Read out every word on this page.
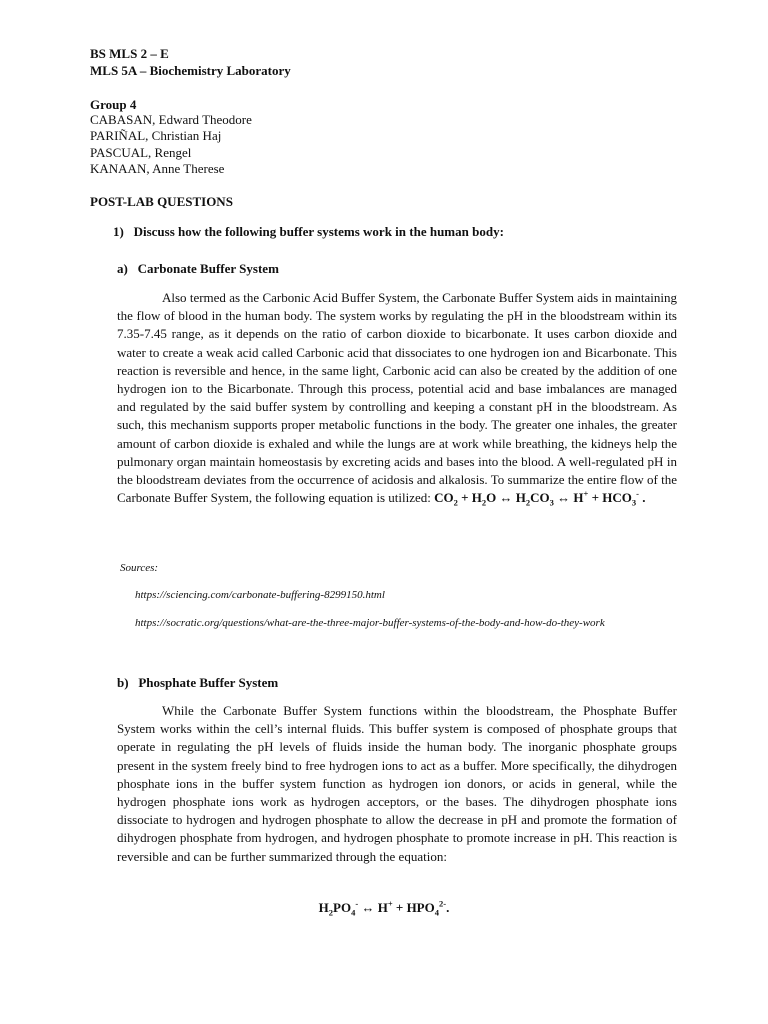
BS MLS 2 – E

MLS 5A – Biochemistry Laboratory

Group 4

CABASAN, Edward Theodore
PARIÑAL, Christian Haj
PASCUAL, Rengel
KANAAN, Anne Therese

POST-LAB QUESTIONS

1) Discuss how the following buffer systems work in the human body:

a) Carbonate Buffer System

Also termed as the Carbonic Acid Buffer System, the Carbonate Buffer System aids in maintaining the flow of blood in the human body. The system works by regulating the pH in the bloodstream within its 7.35-7.45 range, as it depends on the ratio of carbon dioxide to bicarbonate. It uses carbon dioxide and water to create a weak acid called Carbonic acid that dissociates to one hydrogen ion and Bicarbonate. This reaction is reversible and hence, in the same light, Carbonic acid can also be created by the addition of one hydrogen ion to the Bicarbonate. Through this process, potential acid and base imbalances are managed and regulated by the said buffer system by controlling and keeping a constant pH in the bloodstream. As such, this mechanism supports proper metabolic functions in the body. The greater one inhales, the greater amount of carbon dioxide is exhaled and while the lungs are at work while breathing, the kidneys help the pulmonary organ maintain homeostasis by excreting acids and bases into the blood. A well-regulated pH in the bloodstream deviates from the occurrence of acidosis and alkalosis. To summarize the entire flow of the Carbonate Buffer System, the following equation is utilized: $CO_2 + H_2O$ ↔ $H_2CO_3$ ↔ $H^+ + HCO_3^-$ .

Sources:
https://sciencing.com/carbonate-buffering-8299150.html
https://socratic.org/questions/what-are-the-three-major-buffer-systems-of-the-body-and-how-do-they-work

b) Phosphate Buffer System

While the Carbonate Buffer System functions within the bloodstream, the Phosphate Buffer System works within the cell’s internal fluids. This buffer system is composed of phosphate groups that operate in regulating the pH levels of fluids inside the human body. The inorganic phosphate groups present in the system freely bind to free hydrogen ions to act as a buffer. More specifically, the dihydrogen phosphate ions in the buffer system function as hydrogen ion donors, or acids in general, while the hydrogen phosphate ions work as hydrogen acceptors, or the bases. The dihydrogen phosphate ions dissociate to hydrogen and hydrogen phosphate to allow the decrease in pH and promote the formation of dihydrogen phosphate from hydrogen, and hydrogen phosphate to promote increase in pH. This reaction is reversible and can be further summarized through the equation:

$H_2PO_4^-$ ↔ $H^+ + HPO_4^{2-}$.
